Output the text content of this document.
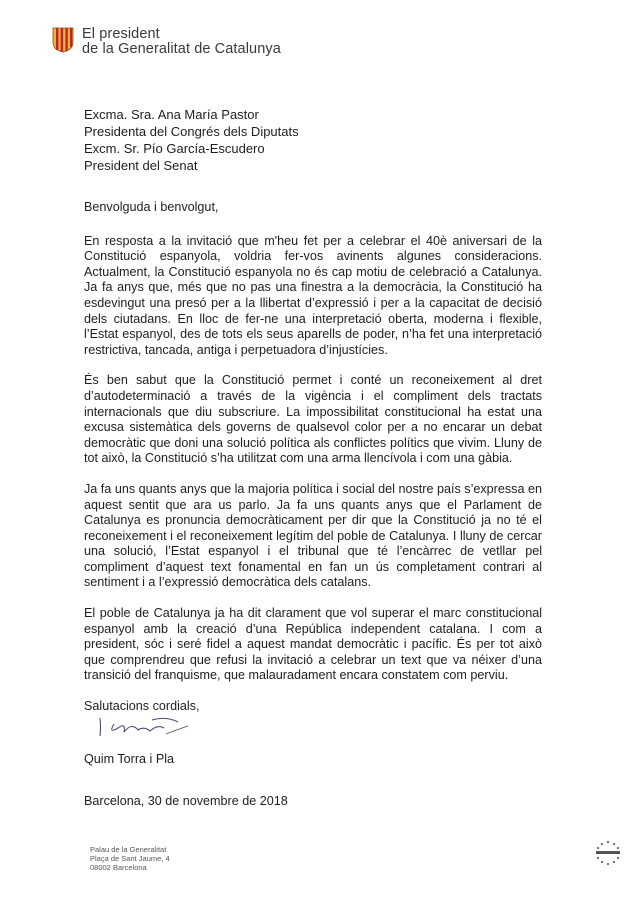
El president
de la Generalitat de Catalunya
Excma. Sra. Ana María Pastor
Presidenta del Congrés dels Diputats
Excm. Sr. Pío García-Escudero
President del Senat

Benvolguda i benvolgut,

En resposta a la invitació que m'heu fet per a celebrar el 40è aniversari de la Constitució espanyola, voldria fer-vos avinents algunes consideracions. Actualment, la Constitució espanyola no és cap motiu de celebració a Catalunya. Ja fa anys que, més que no pas una finestra a la democràcia, la Constitució ha esdevingut una presó per a la llibertat d’expressió i per a la capacitat de decisió dels ciutadans. En lloc de fer-ne una interpretació oberta, moderna i flexible, l’Estat espanyol, des de tots els seus aparells de poder, n’ha fet una interpretació restrictiva, tancada, antiga i perpetuadora d’injustícies.

És ben sabut que la Constitució permet i conté un reconeixement al dret d’autodeterminació a través de la vigència i el compliment dels tractats internacionals que diu subscriure. La impossibilitat constitucional ha estat una excusa sistemàtica dels governs de qualsevol color per a no encarar un debat democràtic que doni una solució política als conflictes polítics que vivim. Lluny de tot això, la Constitució s’ha utilitzat com una arma llencívola i com una gàbia.

Ja fa uns quants anys que la majoria política i social del nostre país s’expressa en aquest sentit que ara us parlo. Ja fa uns quants anys que el Parlament de Catalunya es pronuncia democràticament per dir que la Constitució ja no té el reconeixement i el reconeixement legítim del poble de Catalunya. I lluny de cercar una solució, l’Estat espanyol i el tribunal que té l’encàrrec de vetllar pel compliment d’aquest text fonamental en fan un ús completament contrari al sentiment i a l’expressió democràtica dels catalans.

El poble de Catalunya ja ha dit clarament que vol superar el marc constitucional espanyol amb la creació d’una República independent catalana. I com a president, sóc i seré fidel a aquest mandat democràtic i pacífic. És per tot això que comprendreu que refusi la invitació a celebrar un text que va néixer d’una transició del franquisme, que malauradament encara constatem com perviu.

Salutacions cordials,

Quim Torra i Pla
Barcelona, 30 de novembre de 2018
Palau de la Generalitat
Plaça de Sant Jaume, 4
08002 Barcelona
